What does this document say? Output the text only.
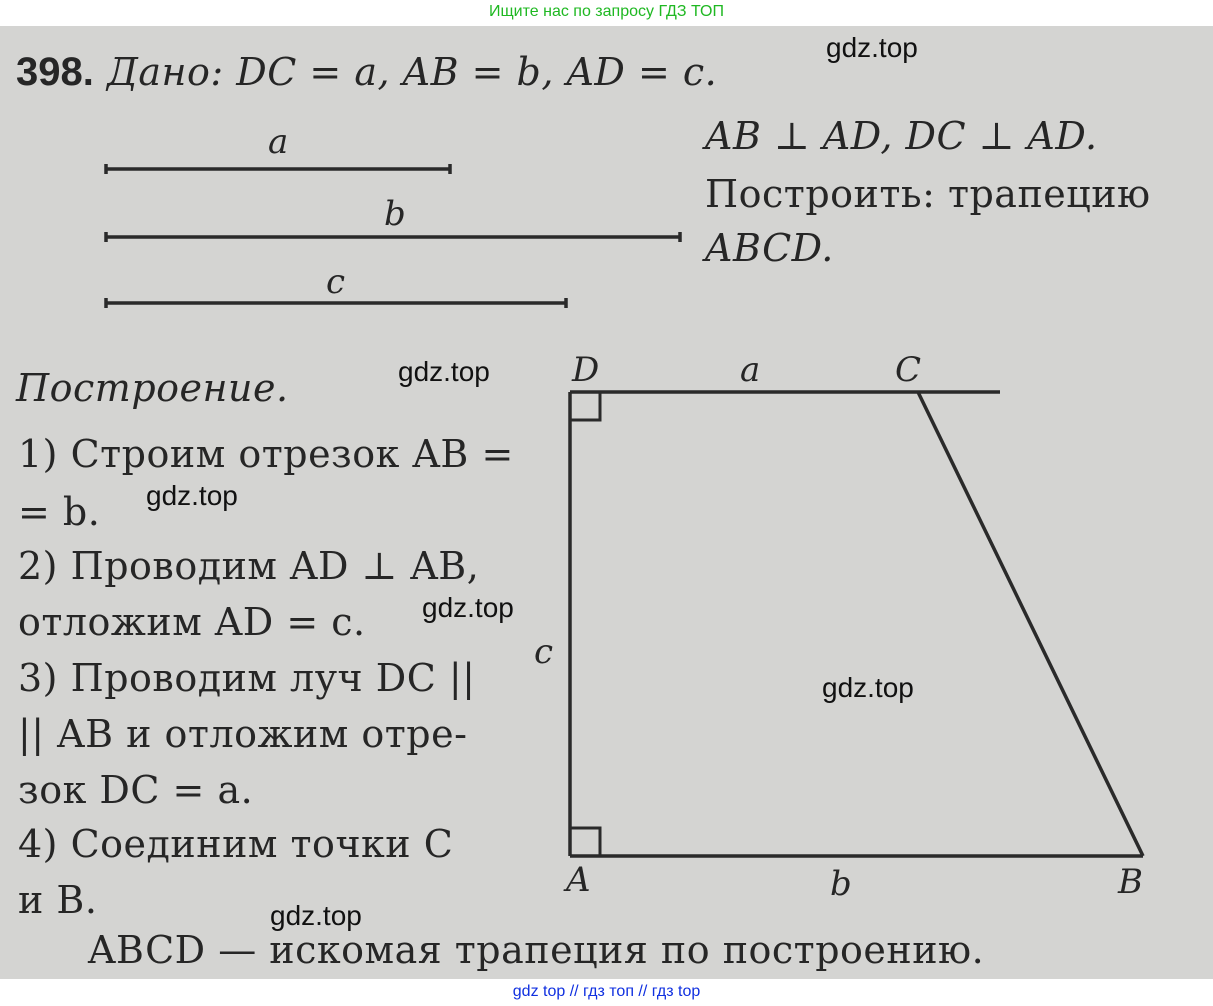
Ищите нас по запросу ГДЗ ТОП
398. Дано: DC = a, AB = b, AD = c.
AB ⊥ AD, DC ⊥ AD.
Построить: трапецию
ABCD.
a
b
c
D	C
A	B
a
c
b
Построение.
1) Строим отрезок AB =
= b.
2) Проводим AD ⊥ AB,
отложим AD = c.
3) Проводим луч DC ||
|| AB и отложим отре-
зок DC = a.
4) Соединим точки C
и B.
ABCD — искомая трапеция по построению.
gdz.top
gdz.top
gdz.top
gdz.top
gdz.top
gdz.top
gdz top // гдз топ // гдз top
